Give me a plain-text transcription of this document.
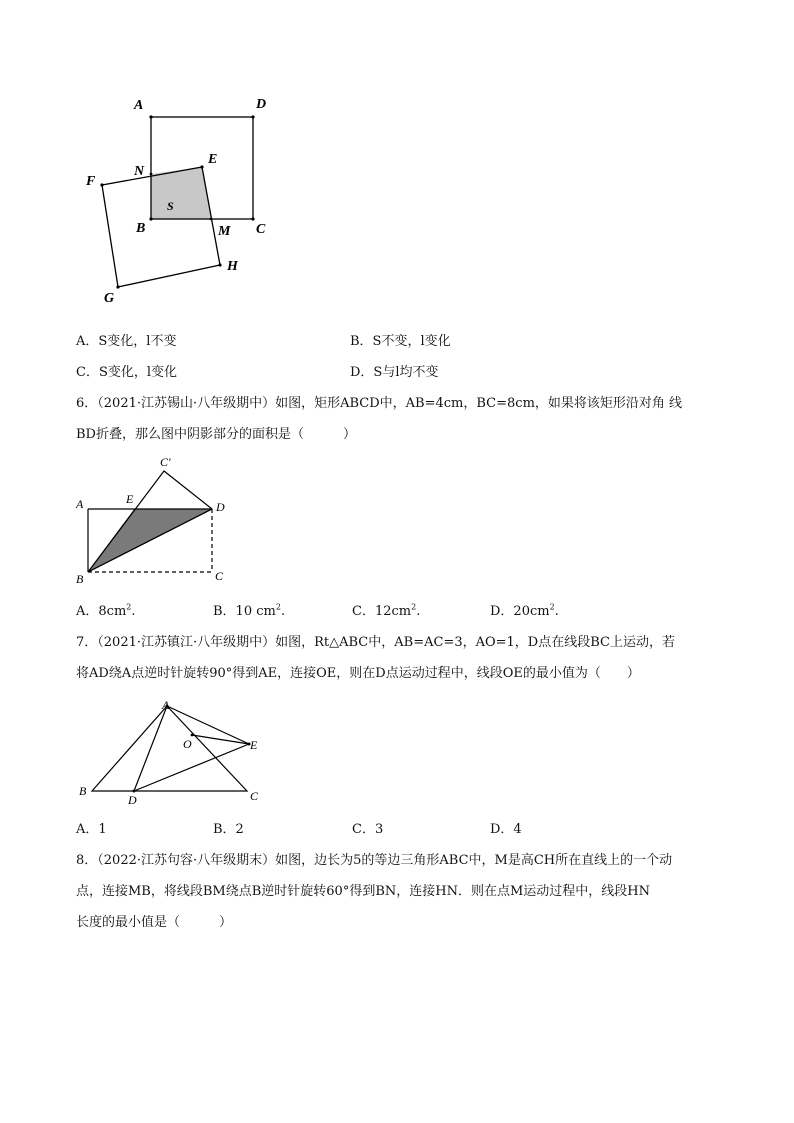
A	D
N
E
F
S
B	M C
H
G
A．S变化，l不变	B．S不变，l变化
C．S变化，l变化	D．S与l均不变
6．（2021·江苏锡山·八年级期中）如图，矩形ABCD中，AB=4cm，BC=8cm，如果将该矩形沿对角 线
BD折叠，那么图中阴影部分的面积是（　　　）
C′
A	E
D
B	C
A．$8cm^2$.	B．10 $cm^2$.	C．$12cm^2$.	D．$20cm^2$.
7．（2021·江苏镇江·八年级期中）如图，Rt△ABC中，AB=AC=3，AO=1，D点在线段BC上运动，若
将AD绕A点逆时针旋转90°得到AE，连接OE，则在D点运动过程中，线段OE的最小值为（　　）
A
O	E
B
D	C
A．1	B．2	C．3	D．4
8．（2022·江苏句容·八年级期末）如图，边长为5的等边三角形ABC中，M是高CH所在直线上的一个动
点，连接MB，将线段BM绕点B逆时针旋转60°得到BN，连接HN．则在点M运动过程中，线段HN
长度的最小值是（　　　）
